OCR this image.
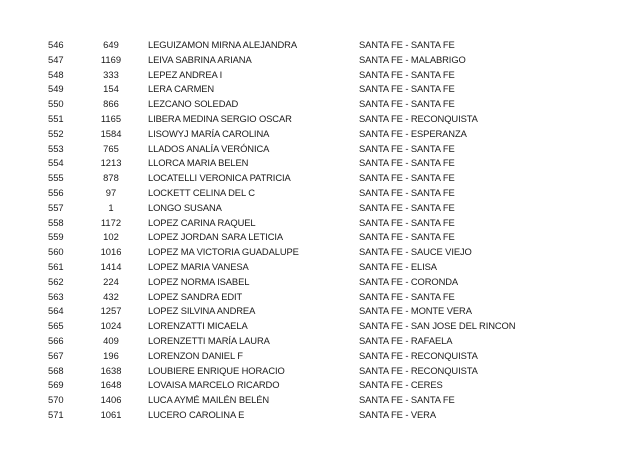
546	649	LEGUIZAMON MIRNA ALEJANDRA	SANTA FE - SANTA FE
547	1169	LEIVA SABRINA ARIANA	SANTA FE - MALABRIGO
548	333	LEPEZ ANDREA I	SANTA FE - SANTA FE
549	154	LERA CARMEN	SANTA FE - SANTA FE
550	866	LEZCANO SOLEDAD	SANTA FE - SANTA FE
551	1165	LIBERA MEDINA SERGIO OSCAR	SANTA FE - RECONQUISTA
552	1584	LISOWYJ MARÍA CAROLINA	SANTA FE - ESPERANZA
553	765	LLADOS ANALÍA VERÓNICA	SANTA FE - SANTA FE
554	1213	LLORCA MARIA BELEN	SANTA FE - SANTA FE
555	878	LOCATELLI VERONICA PATRICIA	SANTA FE - SANTA FE
556	97	LOCKETT CELINA DEL C	SANTA FE - SANTA FE
557	1	LONGO SUSANA	SANTA FE - SANTA FE
558	1172	LOPEZ CARINA RAQUEL	SANTA FE - SANTA FE
559	102	LOPEZ JORDAN SARA LETICIA	SANTA FE - SANTA FE
560	1016	LOPEZ MA VICTORIA GUADALUPE	SANTA FE - SAUCE VIEJO
561	1414	LOPEZ MARIA VANESA	SANTA FE - ELISA
562	224	LOPEZ NORMA ISABEL	SANTA FE - CORONDA
563	432	LOPEZ SANDRA EDIT	SANTA FE - SANTA FE
564	1257	LOPEZ SILVINA ANDREA	SANTA FE - MONTE VERA
565	1024	LORENZATTI MICAELA	SANTA FE - SAN JOSE DEL RINCON
566	409	LORENZETTI MARÍA LAURA	SANTA FE - RAFAELA
567	196	LORENZON DANIEL F	SANTA FE - RECONQUISTA
568	1638	LOUBIERE ENRIQUE HORACIO	SANTA FE - RECONQUISTA
569	1648	LOVAISA MARCELO RICARDO	SANTA FE - CERES
570	1406	LUCA AYMÉ MAILÉN BELÉN	SANTA FE - SANTA FE
571	1061	LUCERO CAROLINA E	SANTA FE - VERA
